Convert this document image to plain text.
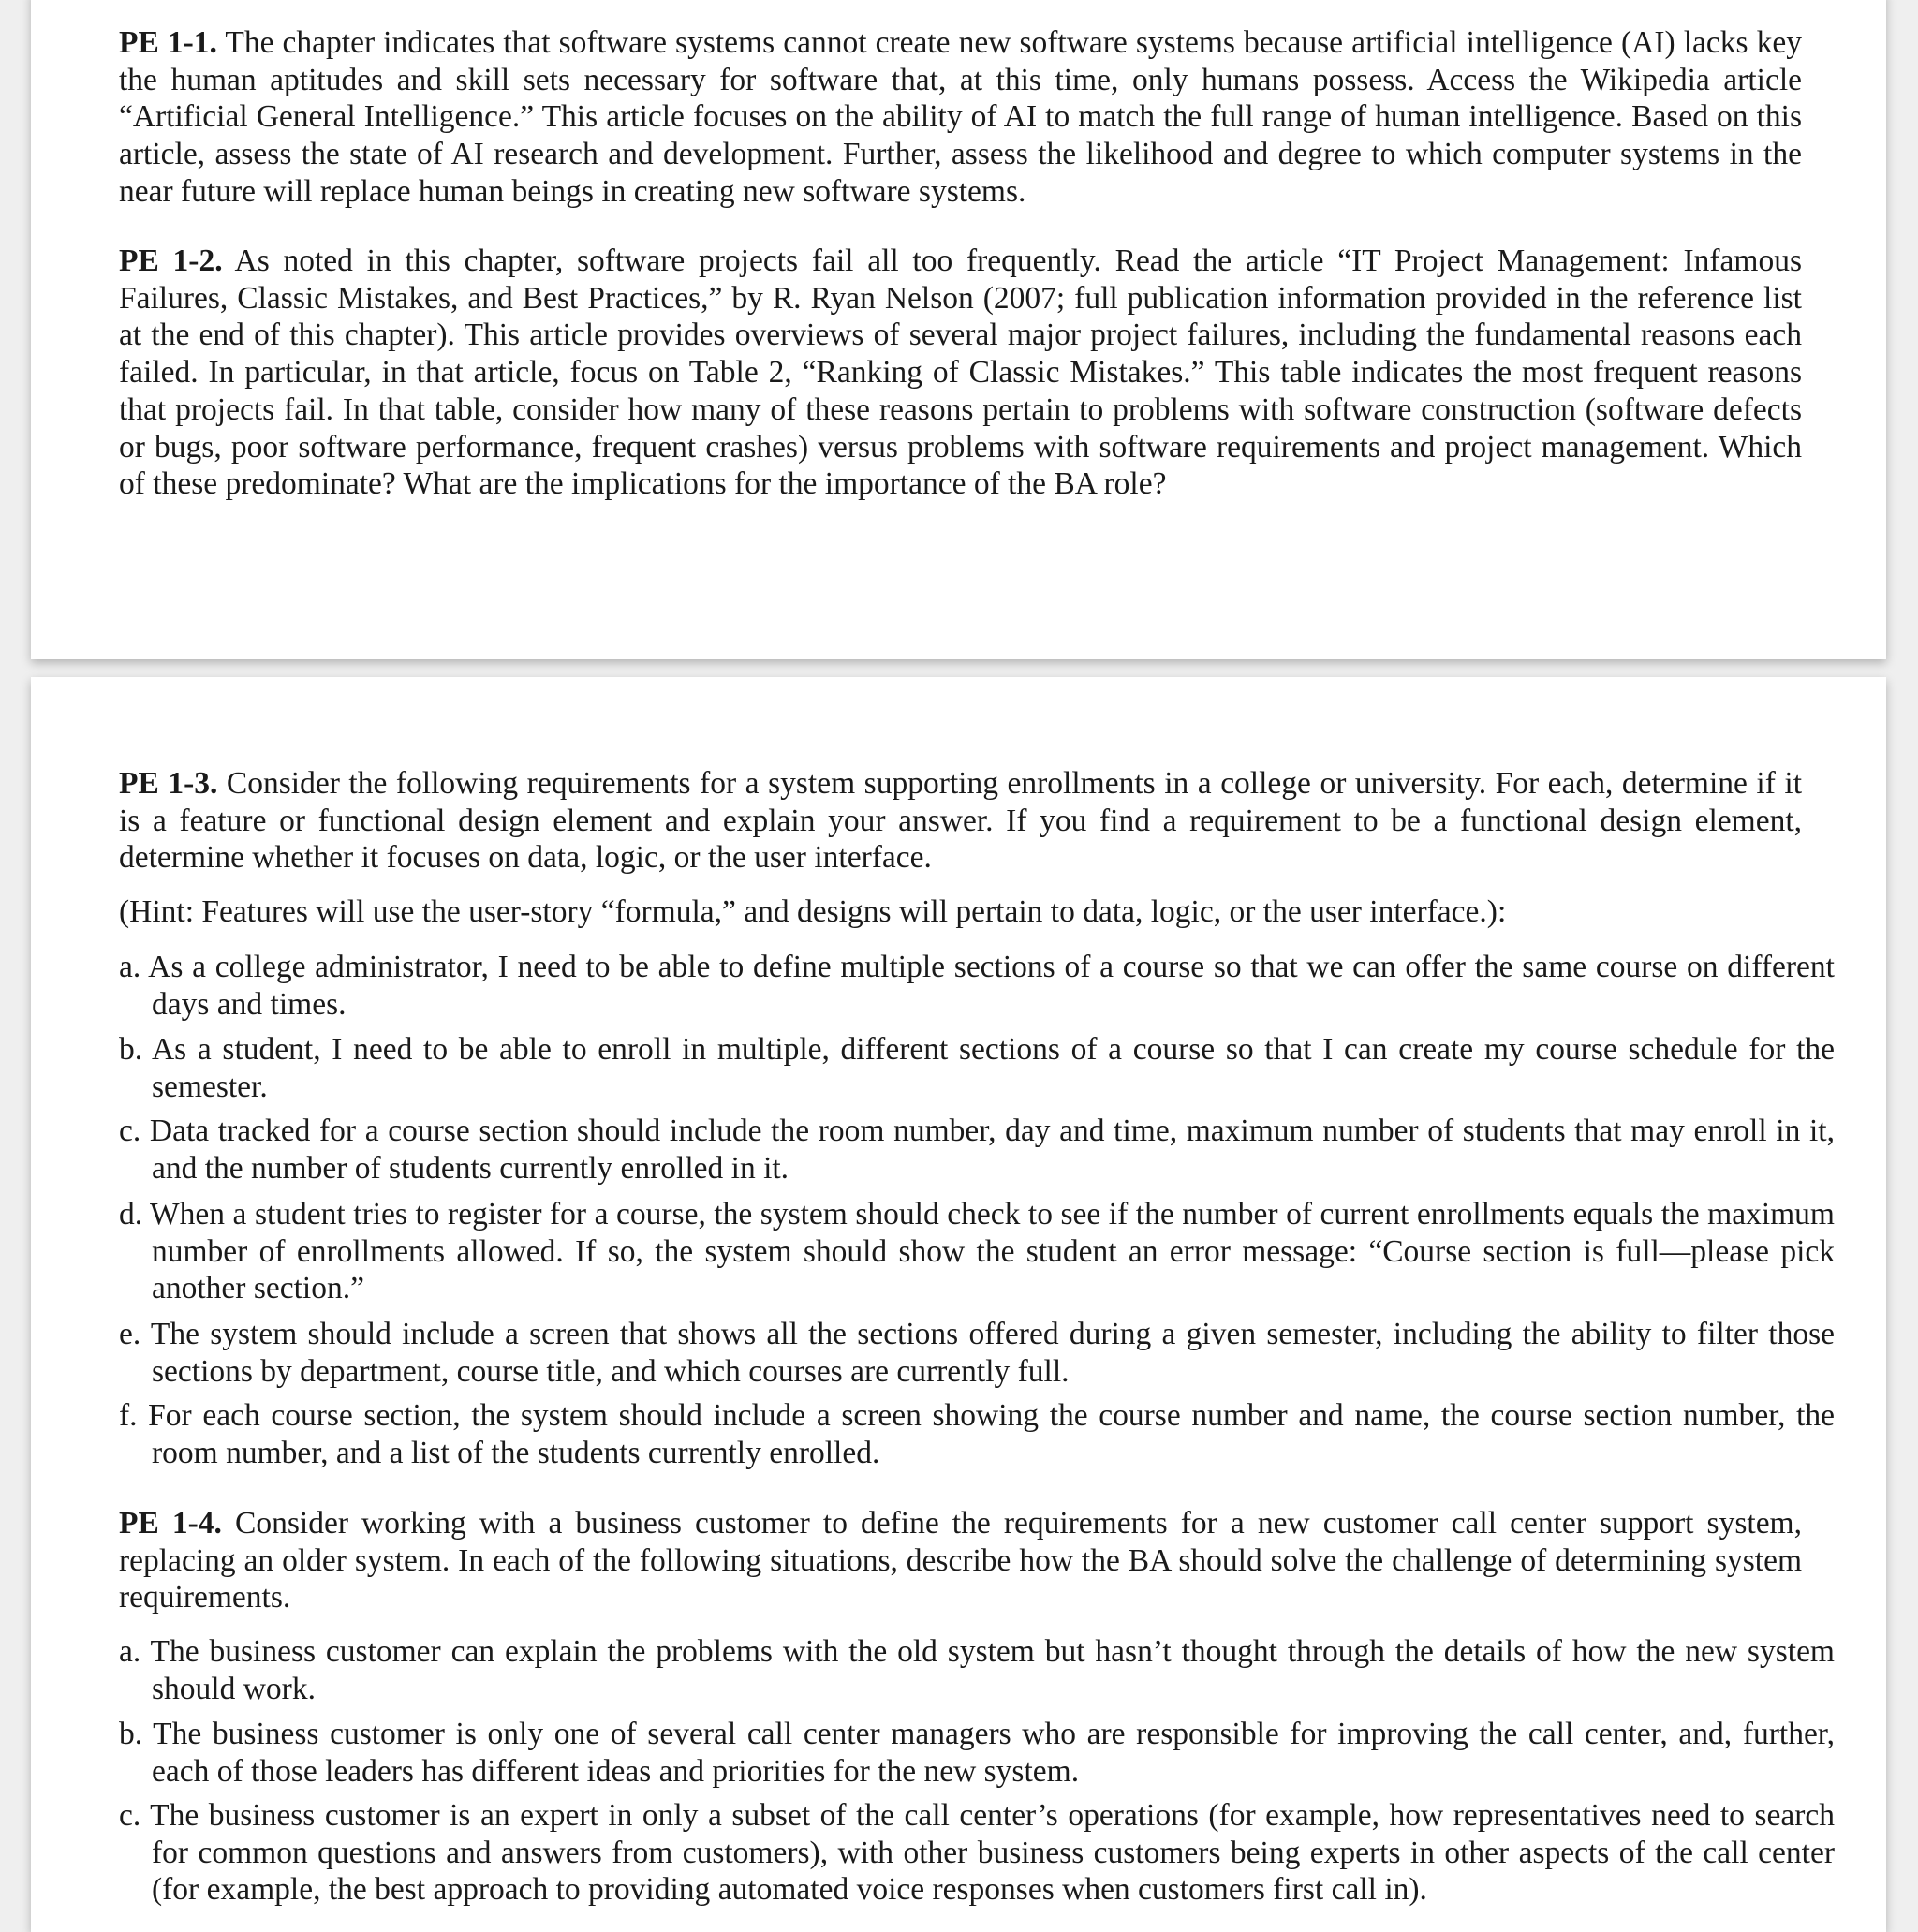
PE 1-1. The chapter indicates that software systems cannot create new software systems because artificial intelligence (AI) lacks key the human aptitudes and skill sets necessary for software that, at this time, only humans possess. Access the Wikipedia article “Artificial General Intelligence.” This article focuses on the ability of AI to match the full range of human intelligence. Based on this article, assess the state of AI research and development. Further, assess the likelihood and degree to which computer systems in the near future will replace human beings in creating new software systems.
PE 1-2. As noted in this chapter, software projects fail all too frequently. Read the article “IT Project Management: Infamous Failures, Classic Mistakes, and Best Practices,” by R. Ryan Nelson (2007; full publication information provided in the reference list at the end of this chapter). This article provides overviews of several major project failures, including the fundamental reasons each failed. In particular, in that article, focus on Table 2, “Ranking of Classic Mistakes.” This table indicates the most frequent reasons that projects fail. In that table, consider how many of these reasons pertain to problems with software construction (software defects or bugs, poor software performance, frequent crashes) versus problems with software requirements and project management. Which of these predominate? What are the implications for the importance of the BA role?
PE 1-3. Consider the following requirements for a system supporting enrollments in a college or university. For each, determine if it is a feature or functional design element and explain your answer. If you find a requirement to be a functional design element, determine whether it focuses on data, logic, or the user interface.
(Hint: Features will use the user-story “formula,” and designs will pertain to data, logic, or the user interface.):
a. As a college administrator, I need to be able to define multiple sections of a course so that we can offer the same course on different days and times.
b. As a student, I need to be able to enroll in multiple, different sections of a course so that I can create my course schedule for the semester.
c. Data tracked for a course section should include the room number, day and time, maximum number of students that may enroll in it, and the number of students currently enrolled in it.
d. When a student tries to register for a course, the system should check to see if the number of current enrollments equals the maximum number of enrollments allowed. If so, the system should show the student an error message: “Course section is full—please pick another section.”
e. The system should include a screen that shows all the sections offered during a given semester, including the ability to filter those sections by department, course title, and which courses are currently full.
f. For each course section, the system should include a screen showing the course number and name, the course section number, the room number, and a list of the students currently enrolled.
PE 1-4. Consider working with a business customer to define the requirements for a new customer call center support system, replacing an older system. In each of the following situations, describe how the BA should solve the challenge of determining system requirements.
a. The business customer can explain the problems with the old system but hasn’t thought through the details of how the new system should work.
b. The business customer is only one of several call center managers who are responsible for improving the call center, and, further, each of those leaders has different ideas and priorities for the new system.
c. The business customer is an expert in only a subset of the call center’s operations (for example, how representatives need to search for common questions and answers from customers), with other business customers being experts in other aspects of the call center (for example, the best approach to providing automated voice responses when customers first call in).
